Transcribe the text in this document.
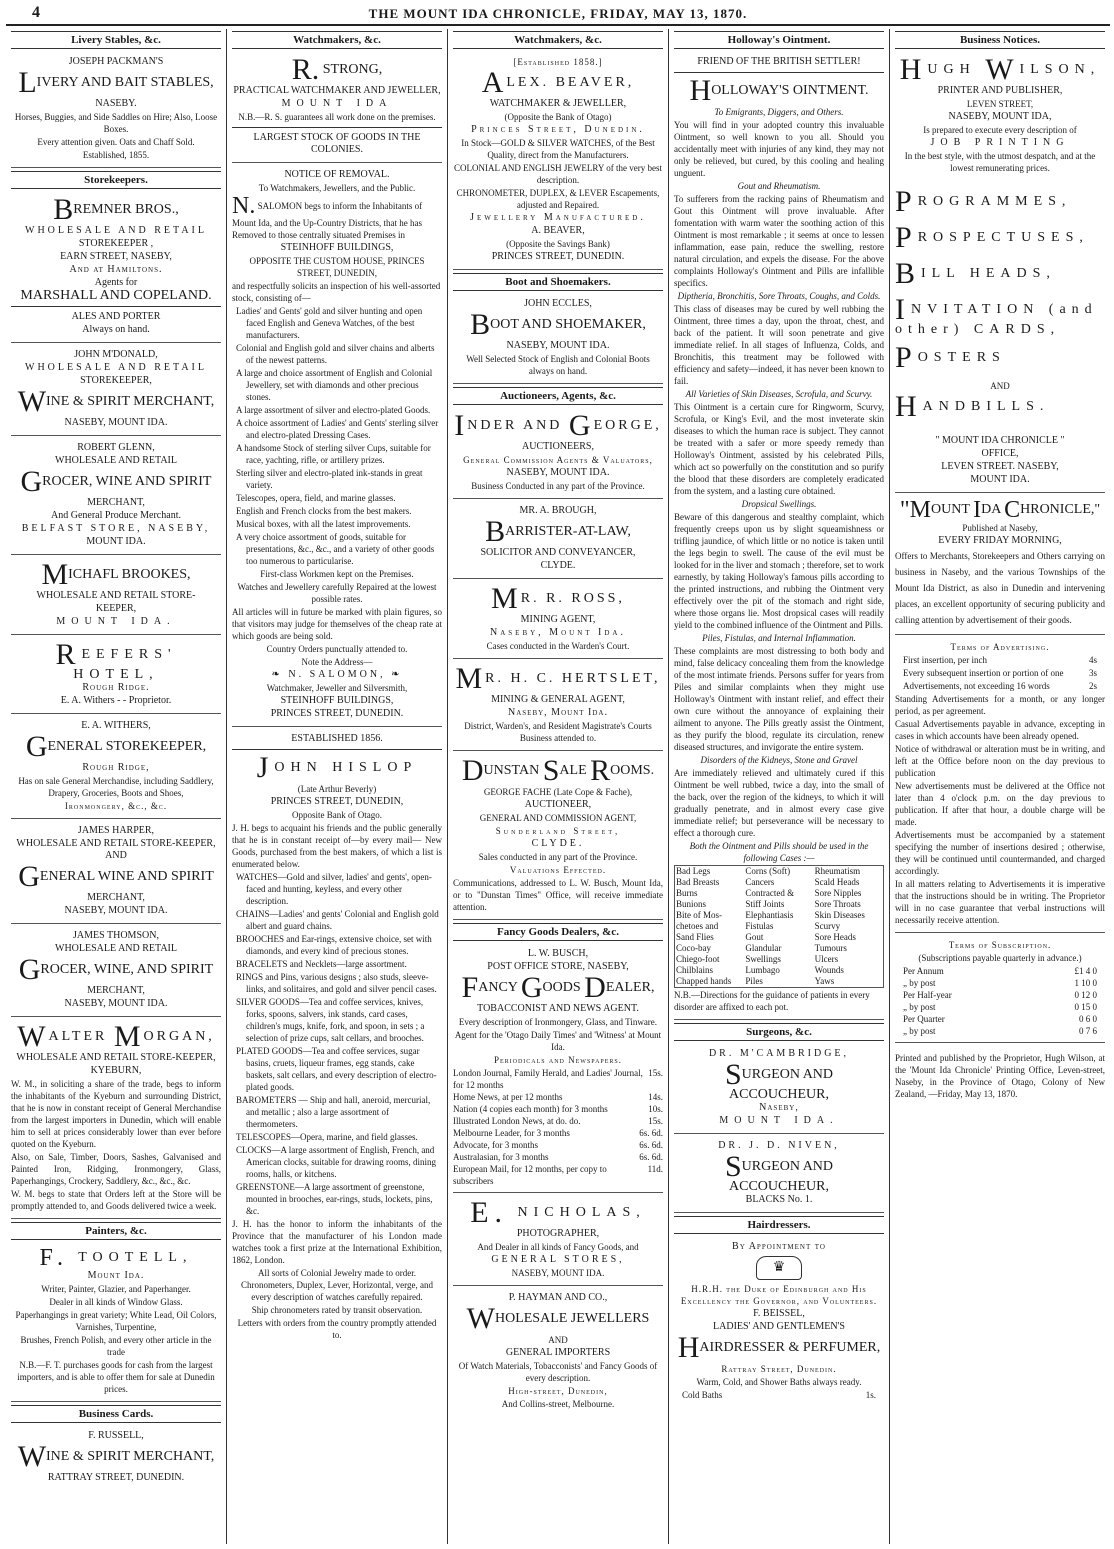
4	THE MOUNT IDA CHRONICLE, FRIDAY, MAY 13, 1870.
Livery Stables, &c.

JOSEPH PACKMAN'S

LIVERY AND BAIT STABLES,

NASEBY.

Horses, Buggies, and Side Saddles on Hire; Also, Loose Boxes.

Every attention given. Oats and Chaff Sold.

Established, 1855.

Storekeepers.

BREMNER BROS.,

WHOLESALE AND RETAIL

STOREKEEPER ,

EARN STREET, NASEBY,

And at Hamiltons.

Agents for

MARSHALL AND COPELAND.

ALES AND PORTER

Always on hand.

JOHN M'DONALD,

WHOLESALE AND RETAIL

STOREKEEPER,

WINE & SPIRIT MERCHANT,

NASEBY, MOUNT IDA.

ROBERT GLENN,

WHOLESALE AND RETAIL

GROCER, WINE AND SPIRIT

MERCHANT,

And General Produce Merchant.

BELFAST STORE, NASEBY,

MOUNT IDA.

MICHAFL BROOKES,

WHOLESALE AND RETAIL STORE-

KEEPER,

MOUNT IDA.

REEFERS' HOTEL,

Rough Ridge.

E. A. Withers - - Proprietor.

E. A. WITHERS,

GENERAL STOREKEEPER,

Rough Ridge,

Has on sale General Merchandise, including Saddlery, Drapery, Groceries, Boots and Shoes,

Ironmongery, &c., &c.

JAMES HARPER,

WHOLESALE AND RETAIL STORE-KEEPER, AND

GENERAL WINE AND SPIRIT

MERCHANT,

NASEBY, MOUNT IDA.

JAMES THOMSON,

WHOLESALE AND RETAIL

GROCER, WINE, AND SPIRIT

MERCHANT,

NASEBY, MOUNT IDA.

WALTER MORGAN,

WHOLESALE AND RETAIL STORE-KEEPER,

KYEBURN,

W. M., in soliciting a share of the trade, begs to inform the inhabitants of the Kyeburn and surrounding District, that he is now in constant receipt of General Merchandise from the largest importers in Dunedin, which will enable him to sell at prices considerably lower than ever before quoted on the Kyeburn.

Also, on Sale, Timber, Doors, Sashes, Galvanised and Painted Iron, Ridging, Ironmongery, Glass, Paperhangings, Crockery, Saddlery, &c., &c., &c.

W. M. begs to state that Orders left at the Store will be promptly attended to, and Goods delivered twice a week.

Painters, &c.

F. TOOTELL,

Mount Ida.

Writer, Painter, Glazier, and Paperhanger.

Dealer in all kinds of Window Glass.

Paperhangings in great variety; White Lead, Oil Colors, Varnishes, Turpentine,

Brushes, French Polish, and every other article in the trade

N.B.—F. T. purchases goods for cash from the largest importers, and is able to offer them for sale at Dunedin prices.

Business Cards.

F. RUSSELL,

WINE & SPIRIT MERCHANT,

RATTRAY STREET, DUNEDIN.

Watchmakers, &c.

R. STRONG,

PRACTICAL WATCHMAKER AND JEWELLER,

MOUNT IDA

N.B.—R. S. guarantees all work done on the premises.

LARGEST STOCK OF GOODS IN THE COLONIES.

NOTICE OF REMOVAL.

To Watchmakers, Jewellers, and the Public.

N. SALOMON begs to inform the Inhabitants of Mount Ida, and the Up-Country Districts, that he has Removed to those centrally situated Premises in

STEINHOFF BUILDINGS,

OPPOSITE THE CUSTOM HOUSE, PRINCES STREET, DUNEDIN,

and respectfully solicits an inspection of his well-assorted stock, consisting of—

Ladies' and Gents' gold and silver hunting and open faced English and Geneva Watches, of the best manufacturers.

Colonial and English gold and silver chains and alberts of the newest patterns.

A large and choice assortment of English and Colonial Jewellery, set with diamonds and other precious stones.

A large assortment of silver and electro-plated Goods.

A choice assortment of Ladies' and Gents' sterling silver and electro-plated Dressing Cases.

A handsome Stock of sterling silver Cups, suitable for race, yachting, rifle, or artillery prizes.

Sterling silver and electro-plated ink-stands in great variety.

Telescopes, opera, field, and marine glasses.

English and French clocks from the best makers.

Musical boxes, with all the latest improvements.

A very choice assortment of goods, suitable for presentations, &c., &c., and a variety of other goods too numerous to particularise.

First-class Workmen kept on the Premises.

Watches and Jewellery carefully Repaired at the lowest possible rates.

All articles will in future be marked with plain figures, so that visitors may judge for themselves of the cheap rate at which goods are being sold.

Country Orders punctually attended to.

Note the Address—

❧ N. SALOMON, ❧

Watchmaker, Jeweller and Silversmith,

STEINHOFF BUILDINGS,

PRINCES STREET, DUNEDIN.

ESTABLISHED 1856.

JOHN HISLOP

(Late Arthur Beverly)

PRINCES STREET, DUNEDIN,

Opposite Bank of Otago.

J. H. begs to acquaint his friends and the public generally that he is in constant receipt of—by every mail— New Goods, purchased from the best makers, of which a list is enumerated below.

WATCHES—Gold and silver, ladies' and gents', open-faced and hunting, keyless, and every other description.

CHAINS—Ladies' and gents' Colonial and English gold albert and guard chains.

BROOCHES and Ear-rings, extensive choice, set with diamonds, and every kind of precious stones.

BRACELETS and Necklets—large assortment.

RINGS and Pins, various designs ; also studs, sleeve-links, and solitaires, and gold and silver pencil cases.

SILVER GOODS—Tea and coffee services, knives, forks, spoons, salvers, ink stands, card cases, children's mugs, knife, fork, and spoon, in sets ; a selection of prize cups, salt cellars, and brooches.

PLATED GOODS—Tea and coffee services, sugar basins, cruets, liqueur frames, egg stands, cake baskets, salt cellars, and every description of electro-plated goods.

BAROMETERS — Ship and hall, aneroid, mercurial, and metallic ; also a large assortment of thermometers.

TELESCOPES—Opera, marine, and field glasses.

CLOCKS—A large assortment of English, French, and American clocks, suitable for drawing rooms, dining rooms, halls, or kitchens.

GREENSTONE—A large assortment of greenstone, mounted in brooches, ear-rings, studs, lockets, pins, &c.

J. H. has the honor to inform the inhabitants of the Province that the manufacturer of his London made watches took a first prize at the International Exhibition, 1862, London.

All sorts of Colonial Jewelry made to order. Chronometers, Duplex, Lever, Horizontal, verge, and every description of watches carefully repaired.

Ship chronometers rated by transit observation.

Letters with orders from the country promptly attended to.

Watchmakers, &c.

[Established 1858.]

ALEX. BEAVER,

WATCHMAKER & JEWELLER,

(Opposite the Bank of Otago)

Princes Street, Dunedin.

In Stock—GOLD & SILVER WATCHES, of the Best Quality, direct from the Manufacturers.

COLONIAL AND ENGLISH JEWELRY of the very best description.

CHRONOMETER, DUPLEX, & LEVER Escapements, adjusted and Repaired.

Jewellery Manufactured.

A. BEAVER,

(Opposite the Savings Bank)

PRINCES STREET, DUNEDIN.

Boot and Shoemakers.

JOHN ECCLES,

BOOT AND SHOEMAKER,

NASEBY, MOUNT IDA.

Well Selected Stock of English and Colonial Boots always on hand.

Auctioneers, Agents, &c.

INDER AND GEORGE,

AUCTIONEERS,

General Commission Agents & Valuators,

NASEBY, MOUNT IDA.

Business Conducted in any part of the Province.

MR. A. BROUGH,

BARRISTER-AT-LAW,

SOLICITOR AND CONVEYANCER,

CLYDE.

MR. R. ROSS,

MINING AGENT,

Naseby, Mount Ida.

Cases conducted in the Warden's Court.

MR. H. C. HERTSLET,

MINING & GENERAL AGENT,

Naseby, Mount Ida.

District, Warden's, and Resident Magistrate's Courts Business attended to.

DUNSTAN SALE ROOMS.

GEORGE FACHE (Late Cope & Fache),

AUCTIONEER,

GENERAL AND COMMISSION AGENT,

Sunderland Street,

CLYDE.

Sales conducted in any part of the Province.

Valuations Effected.

Communications, addressed to L. W. Busch, Mount Ida, or to "Dunstan Times" Office, will receive immediate attention.

Fancy Goods Dealers, &c.

L. W. BUSCH,

POST OFFICE STORE, NASEBY,

FANCY GOODS DEALER,

TOBACCONIST AND NEWS AGENT.

Every description of Ironmongery, Glass, and Tinware.

Agent for the 'Otago Daily Times' and 'Witness' at Mount Ida.

Periodicals and Newspapers.

London Journal, Family Herald, and Ladies' Journal, for 12 months
15s.
Home News, at per 12 months	14s.
Nation (4 copies each month) for 3 months	10s.
Illustrated London News, at do. do.	15s.
Melbourne Leader, for 3 months	6s. 6d.
Advocate, for 3 months	6s. 6d.
Australasian, for 3 months	6s. 6d.
European Mail, for 12 months, per copy to subscribers
11d.

E. NICHOLAS,

PHOTOGRAPHER,

And Dealer in all kinds of Fancy Goods, and

GENERAL STORES,

NASEBY, MOUNT IDA.

P. HAYMAN AND CO.,

WHOLESALE JEWELLERS

AND

GENERAL IMPORTERS

Of Watch Materials, Tobacconists' and Fancy Goods of every description.

High-street, Dunedin,

And Collins-street, Melbourne.

Holloway's Ointment.

FRIEND OF THE BRITISH SETTLER!

HOLLOWAY'S OINTMENT.

To Emigrants, Diggers, and Others.

You will find in your adopted country this invaluable Ointment, so well known to you all. Should you accidentally meet with injuries of any kind, they may not only be relieved, but cured, by this cooling and healing unguent.

Gout and Rheumatism.

To sufferers from the racking pains of Rheumatism and Gout this Ointment will prove invaluable. After fomentation with warm water the soothing action of this Ointment is most remarkable ; it seems at once to lessen inflammation, ease pain, reduce the swelling, restore natural circulation, and expels the disease. For the above complaints Holloway's Ointment and Pills are infallible specifics.

Diptheria, Bronchitis, Sore Throats, Coughs, and Colds.

This class of diseases may be cured by well rubbing the Ointment, three times a day, upon the throat, chest, and back of the patient. It will soon penetrate and give immediate relief. In all stages of Influenza, Colds, and Bronchitis, this treatment may be followed with efficiency and safety—indeed, it has never been known to fail.

All Varieties of Skin Diseases, Scrofula, and Scurvy.

This Ointment is a certain cure for Ringworm, Scurvy, Scrofula, or King's Evil, and the most inveterate skin diseases to which the human race is subject. They cannot be treated with a safer or more speedy remedy than Holloway's Ointment, assisted by his celebrated Pills, which act so powerfully on the constitution and so purify the blood that these disorders are completely eradicated from the system, and a lasting cure obtained.

Dropsical Swellings.

Beware of this dangerous and stealthy complaint, which frequently creeps upon us by slight squeamishness or trifling jaundice, of which little or no notice is taken until the legs begin to swell. The cause of the evil must be looked for in the liver and stomach ; therefore, set to work earnestly, by taking Holloway's famous pills according to the printed instructions, and rubbing the Ointment very effectively over the pit of the stomach and right side, where those organs lie. Most dropsical cases will readily yield to the combined influence of the Ointment and Pills.

Piles, Fistulas, and Internal Inflammation.

These complaints are most distressing to both body and mind, false delicacy concealing them from the knowledge of the most intimate friends. Persons suffer for years from Piles and similar complaints when they might use Holloway's Ointment with instant relief, and effect their own cure without the annoyance of explaining their ailment to anyone. The Pills greatly assist the Ointment, as they purify the blood, regulate its circulation, renew diseased structures, and invigorate the entire system.

Disorders of the Kidneys, Stone and Gravel

Are immediately relieved and ultimately cured if this Ointment be well rubbed, twice a day, into the small of the back, over the region of the kidneys, to which it will gradually penetrate, and in almost every case give immediate relief; but perseverance will be necessary to effect a thorough cure.

Both the Ointment and Pills should be used in the following Cases :—

Bad Legs	Corns (Soft)	Rheumatism
Bad Breasts	Cancers	Scald Heads
Burns	Contracted &	Sore Nipples
Bunions	Stiff Joints	Sore Throats
Bite of Mos-	Elephantiasis	Skin Diseases
chetoes and	Fistulas	Scurvy
Sand Flies	Gout	Sore Heads
Coco-bay	Glandular	Tumours
Chiego-foot	Swellings	Ulcers
Chilblains	Lumbago	Wounds
Chapped hands	Piles	Yaws

N.B.—Directions for the guidance of patients in every disorder are affixed to each pot.

Surgeons, &c.

DR. M'CAMBRIDGE,

SURGEON AND ACCOUCHEUR,

Naseby,

MOUNT IDA.

DR. J. D. NIVEN,

SURGEON AND ACCOUCHEUR,

BLACKS No. 1.

Hairdressers.

By Appointment to

♛

H.R.H. the Duke of Edinburgh and His Excellency the Governor, and Volunteers.

F. BEISSEL,

LADIES' AND GENTLEMEN'S

HAIRDRESSER & PERFUMER,

Rattray Street, Dunedin.

Warm, Cold, and Shower Baths always ready.

Cold Baths	1s.

Business Notices.

HUGH WILSON,

PRINTER AND PUBLISHER,

LEVEN STREET,

NASEBY, MOUNT IDA,

Is prepared to execute every description of

JOB PRINTING

In the best style, with the utmost despatch, and at the lowest remunerating prices.

PROGRAMMES,

PROSPECTUSES,

BILL HEADS,

INVITATION (and other) CARDS,

POSTERS

AND

HANDBILLS.

" MOUNT IDA CHRONICLE "

OFFICE,

LEVEN STREET. NASEBY,

MOUNT IDA.

"MOUNT IDA CHRONICLE,"

Published at Naseby,

EVERY FRIDAY MORNING,

Offers to Merchants, Storekeepers and Others carrying on business in Naseby, and the various Townships of the Mount Ida District, as also in Dunedin and intervening places, an excellent opportunity of securing publicity and calling attention by advertisement of their goods.

Terms of Advertising.

First insertion, per inch	4s

Every subsequent insertion or portion of one	3s

Advertisements, not exceeding 16 words	2s

Standing Advertisements for a month, or any longer period, as per agreement.

Casual Advertisements payable in advance, excepting in cases in which accounts have been already opened.

Notice of withdrawal or alteration must be in writing, and left at the Office before noon on the day previous to publication

New advertisements must be delivered at the Office not later than 4 o'clock p.m. on the day previous to publication. If after that hour, a double charge will be made.

Advertisements must be accompanied by a statement specifying the number of insertions desired ; otherwise, they will be continued until countermanded, and charged accordingly.

In all matters relating to Advertisements it is imperative that the instructions should be in writing. The Proprietor will in no case guarantee that verbal instructions will necessarily receive attention.

Terms of Subscription.

(Subscriptions payable quarterly in advance.)

Per Annum	£1 4 0
„ by post	1 10 0
Per Half-year	0 12 0
„ by post	0 15 0
Per Quarter	0 6 0
„ by post	0 7 6

Printed and published by the Proprietor, Hugh Wilson, at the 'Mount Ida Chronicle' Printing Office, Leven-street, Naseby, in the Province of Otago, Colony of New Zealand, —Friday, May 13, 1870.
